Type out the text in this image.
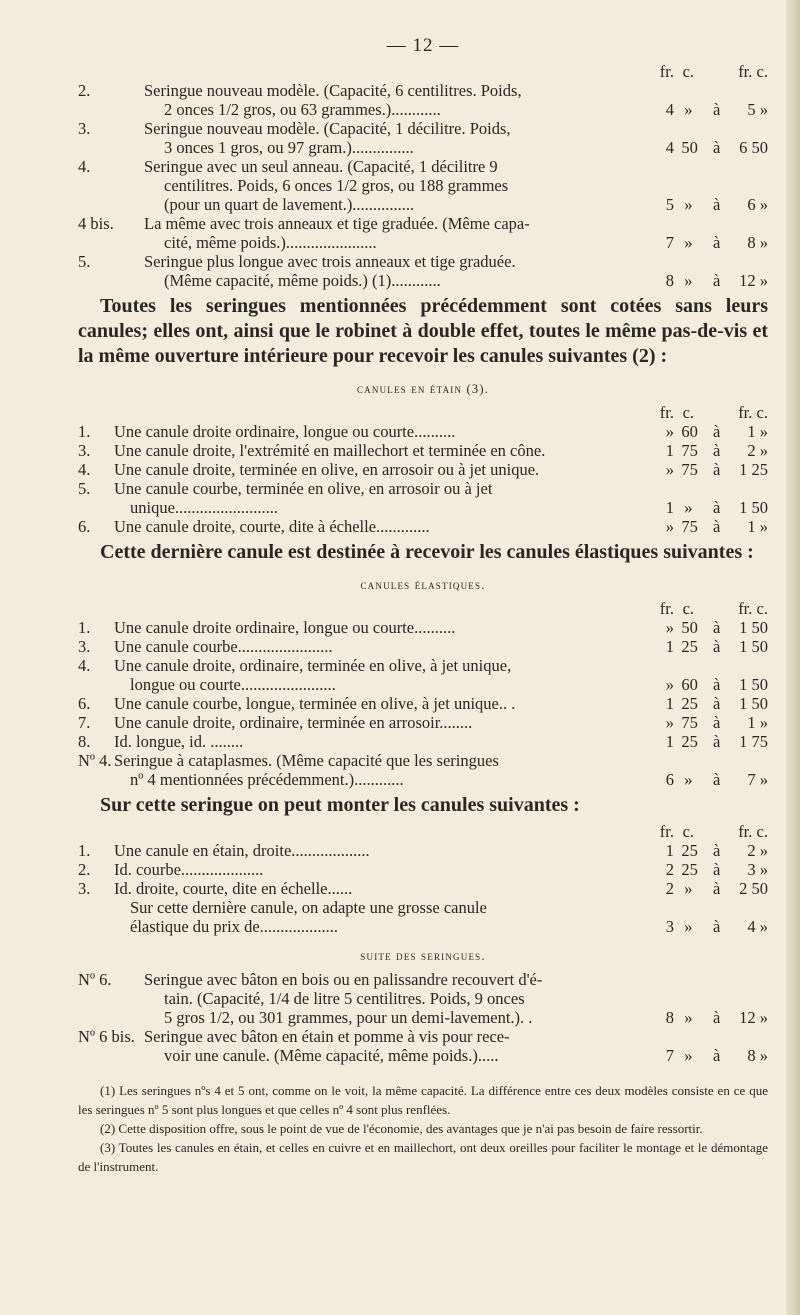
— 12 —
fr. c.	fr. c.
2.	Seringue nouveau modèle. (Capacité, 6 centilitres. Poids,
2 onces 1/2 gros, ou 63 grammes.)............	4 »	à	5 »
3.	Seringue nouveau modèle. (Capacité, 1 décilitre. Poids,
3 onces 1 gros, ou 97 gram.)...............	4 50 à	6 50
4.	Seringue avec un seul anneau. (Capacité, 1 décilitre 9
centilitres. Poids, 6 onces 1/2 gros, ou 188 grammes
(pour un quart de lavement.)...............	5 »	à	6 »
4 bis. La même avec trois anneaux et tige graduée. (Même capa-
cité, même poids.)......................	7 »	à	8 »
5.	Seringue plus longue avec trois anneaux et tige graduée.
(Même capacité, même poids.) (1)............	8 »	à	12 »
Toutes les seringues mentionnées précédemment sont cotées sans leurs canules; elles ont, ainsi que le robinet à double effet, toutes le même pas-de-vis et la même ouverture intérieure pour recevoir les canules suivantes (2) :
canules en étain (3).
fr. c.	fr. c.
1. Une canule droite ordinaire, longue ou courte..........	» 60 à	1 »
3. Une canule droite, l'extrémité en maillechort et terminée en cône.	1 75 à	2 »
4. Une canule droite, terminée en olive, en arrosoir ou à jet unique.	» 75 à	1 25
5. Une canule courbe, terminée en olive, en arrosoir ou à jet
unique.........................	1 »	à	1 50
6. Une canule droite, courte, dite à échelle.............	» 75 à	1 »
Cette dernière canule est destinée à recevoir les canules élastiques suivantes :
canules élastiques.
fr. c.	fr. c.
1. Une canule droite ordinaire, longue ou courte..........	» 50 à	1 50
3. Une canule courbe.......................	1 25 à	1 50
4. Une canule droite, ordinaire, terminée en olive, à jet unique,
longue ou courte.......................	» 60 à	1 50
6. Une canule courbe, longue, terminée en olive, à jet unique.. .	1 25 à	1 50
7. Une canule droite, ordinaire, terminée en arrosoir........	» 75 à	1 »
8. Id. longue, id. ........	1 25 à	1 75
Nº 4. Seringue à cataplasmes. (Même capacité que les seringues
nº 4 mentionnées précédemment.)............	6 »	à	7 »
Sur cette seringue on peut monter les canules suivantes :
fr. c.	fr. c.
1. Une canule en étain, droite...................	1 25 à	2 »
2. Id. courbe....................	2 25 à	3 »
3. Id. droite, courte, dite en échelle......	2 »	à	2 50
Sur cette dernière canule, on adapte une grosse canule
élastique du prix de...................	3 »	à	4 »
suite des seringues.
Nº 6. Seringue avec bâton en bois ou en palissandre recouvert d'é-
tain. (Capacité, 1/4 de litre 5 centilitres. Poids, 9 onces
5 gros 1/2, ou 301 grammes, pour un demi-lavement.). .	8 »	à	12 »
Nº 6 bis. Seringue avec bâton en étain et pomme à vis pour rece-
voir une canule. (Même capacité, même poids.).....	7 »	à	8 »

(1) Les seringues nºs 4 et 5 ont, comme on le voit, la même capacité. La différence entre ces deux modèles consiste en ce que les seringues nº 5 sont plus longues et que celles nº 4 sont plus renflées.

(2) Cette disposition offre, sous le point de vue de l'économie, des avantages que je n'ai pas besoin de faire ressortir.

(3) Toutes les canules en étain, et celles en cuivre et en maillechort, ont deux oreilles pour faciliter le montage et le démontage de l'instrument.
